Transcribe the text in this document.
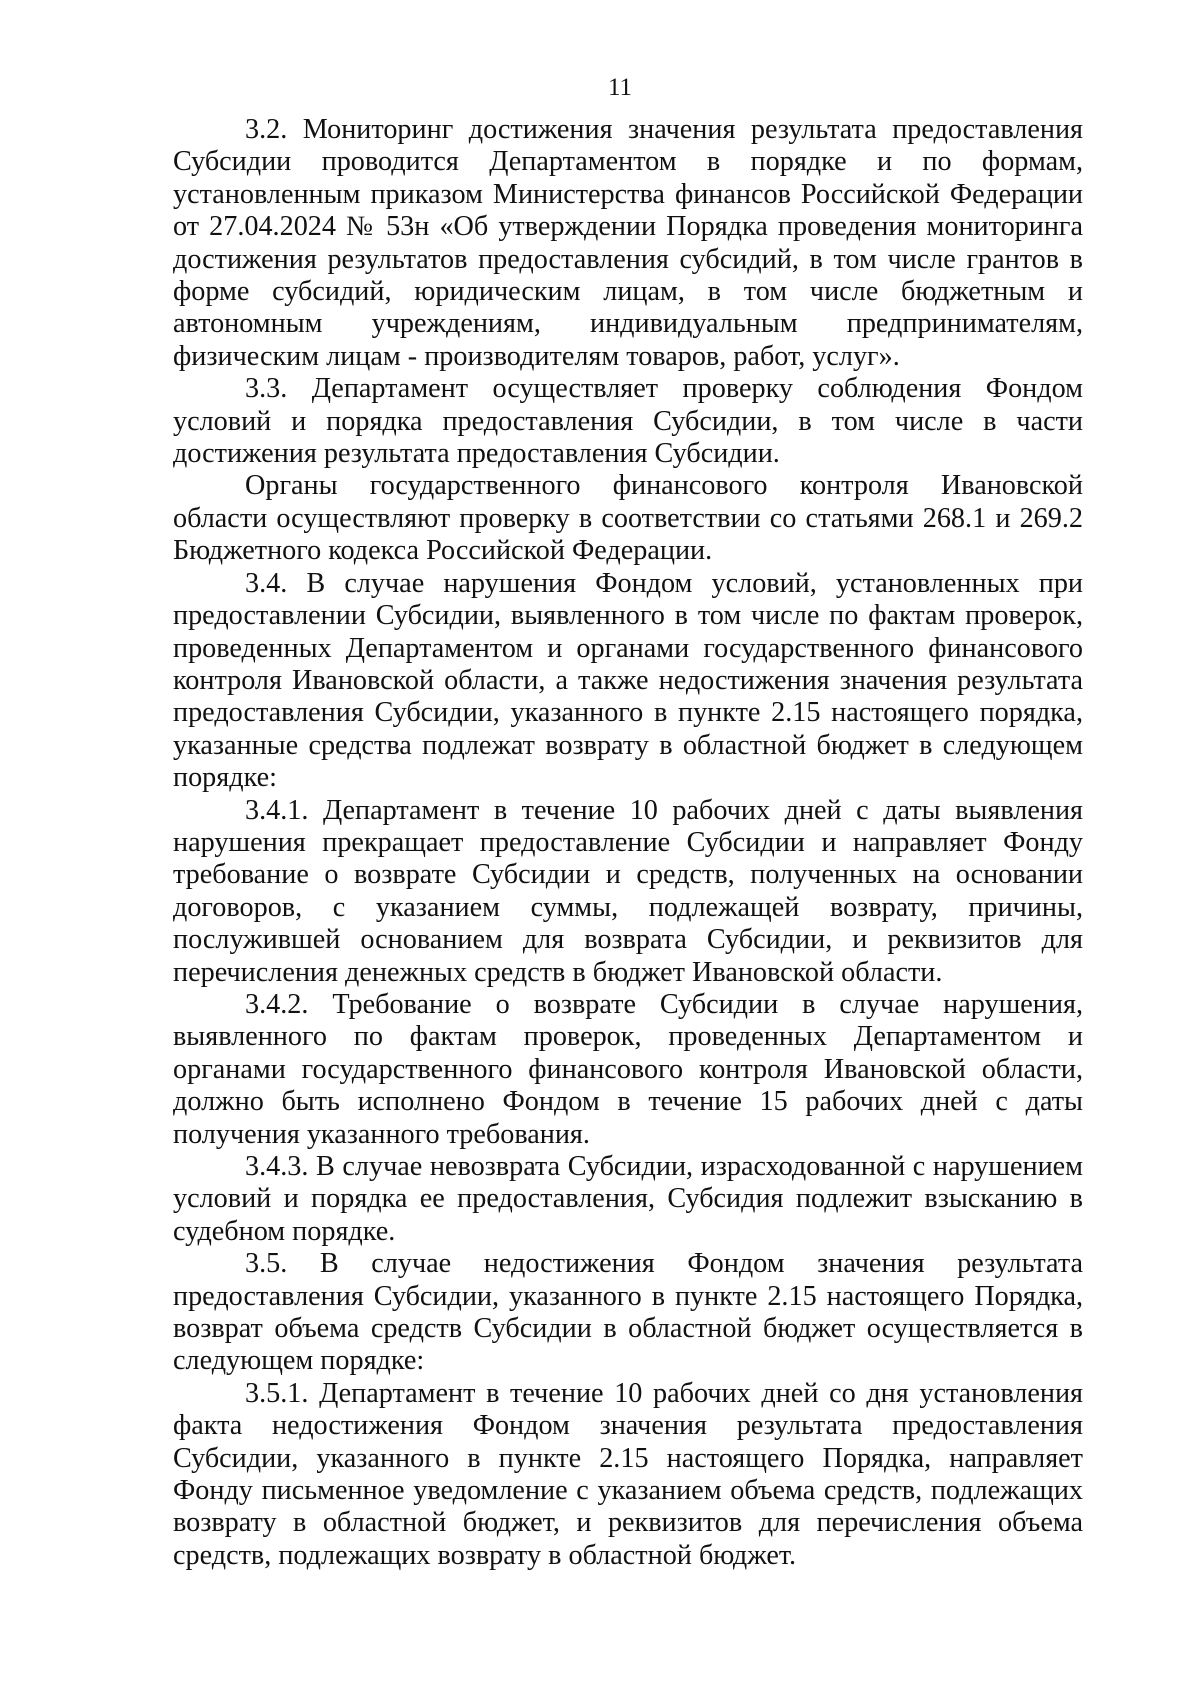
11

3.2. Мониторинг достижения значения результата предоставления Субсидии проводится Департаментом в порядке и по формам, установленным приказом Министерства финансов Российской Федерации от 27.04.2024 № 53н «Об утверждении Порядка проведения мониторинга достижения результатов предоставления субсидий, в том числе грантов в форме субсидий, юридическим лицам, в том числе бюджетным и автономным учреждениям, индивидуальным предпринимателям, физическим лицам - производителям товаров, работ, услуг».

3.3. Департамент осуществляет проверку соблюдения Фондом условий и порядка предоставления Субсидии, в том числе в части достижения результата предоставления Субсидии.

Органы государственного финансового контроля Ивановской области осуществляют проверку в соответствии со статьями 268.1 и 269.2 Бюджетного кодекса Российской Федерации.

3.4. В случае нарушения Фондом условий, установленных при предоставлении Субсидии, выявленного в том числе по фактам проверок, проведенных Департаментом и органами государственного финансового контроля Ивановской области, а также недостижения значения результата предоставления Субсидии, указанного в пункте 2.15 настоящего порядка, указанные средства подлежат возврату в областной бюджет в следующем порядке:

3.4.1. Департамент в течение 10 рабочих дней с даты выявления нарушения прекращает предоставление Субсидии и направляет Фонду требование о возврате Субсидии и средств, полученных на основании договоров, с указанием суммы, подлежащей возврату, причины, послужившей основанием для возврата Субсидии, и реквизитов для перечисления денежных средств в бюджет Ивановской области.

3.4.2. Требование о возврате Субсидии в случае нарушения, выявленного по фактам проверок, проведенных Департаментом и органами государственного финансового контроля Ивановской области, должно быть исполнено Фондом в течение 15 рабочих дней с даты получения указанного требования.

3.4.3. В случае невозврата Субсидии, израсходованной с нарушением условий и порядка ее предоставления, Субсидия подлежит взысканию в судебном порядке.

3.5. В случае недостижения Фондом значения результата предоставления Субсидии, указанного в пункте 2.15 настоящего Порядка, возврат объема средств Субсидии в областной бюджет осуществляется в следующем порядке:

3.5.1. Департамент в течение 10 рабочих дней со дня установления факта недостижения Фондом значения результата предоставления Субсидии, указанного в пункте 2.15 настоящего Порядка, направляет Фонду письменное уведомление с указанием объема средств, подлежащих возврату в областной бюджет, и реквизитов для перечисления объема средств, подлежащих возврату в областной бюджет.
